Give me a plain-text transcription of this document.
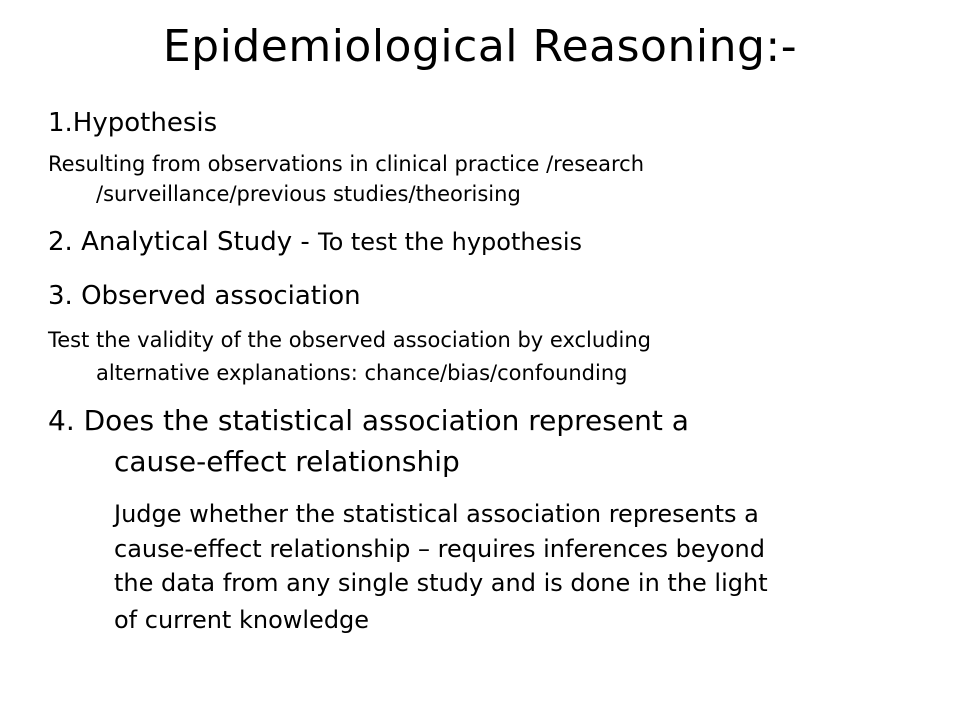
Epidemiological Reasoning:-
1.Hypothesis
Resulting from observations in clinical practice /research
/surveillance/previous studies/theorising
2. Analytical Study - To test the hypothesis
3. Observed association
Test the validity of the observed association by excluding
alternative explanations: chance/bias/confounding
4. Does the statistical association represent a
cause-effect relationship
Judge whether the statistical association represents a
cause-effect relationship – requires inferences beyond
the data from any single study and is done in the light
of current knowledge
